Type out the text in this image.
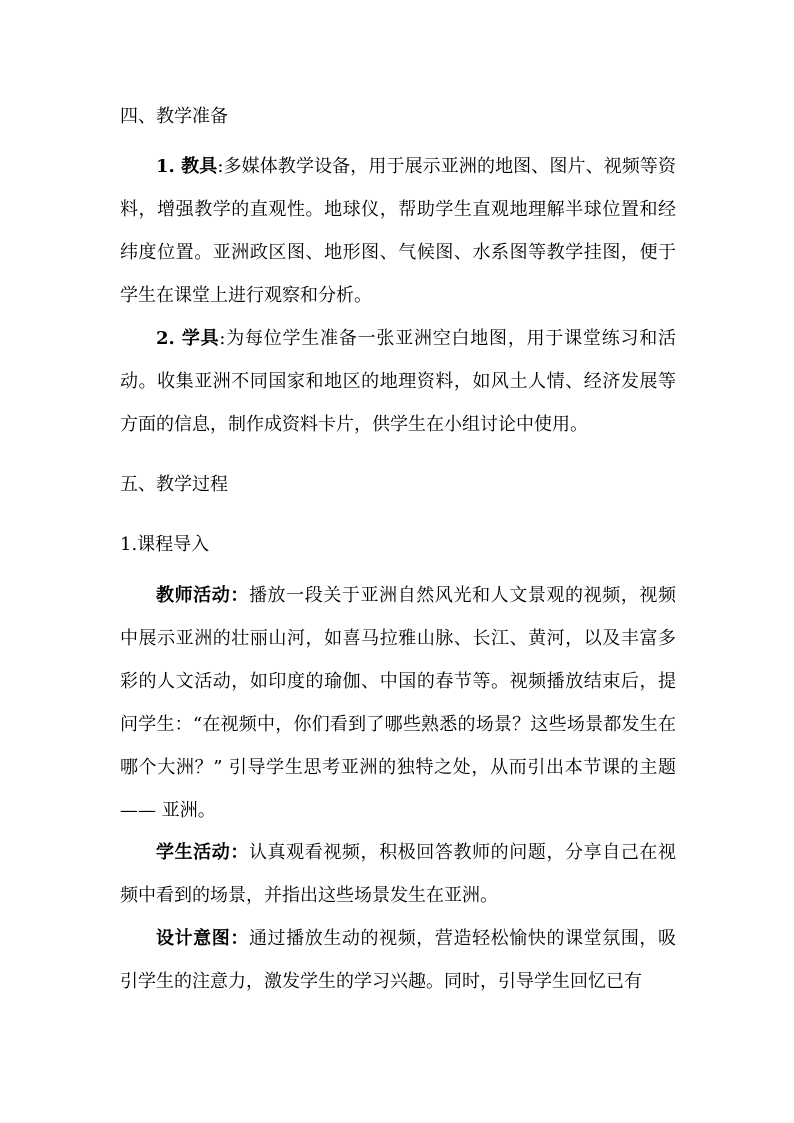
四、教学准备

1. 教具:多媒体教学设备，用于展示亚洲的地图、图片、视频等资料，增强教学的直观性。地球仪，帮助学生直观地理解半球位置和经纬度位置。亚洲政区图、地形图、气候图、水系图等教学挂图，便于学生在课堂上进行观察和分析。

2. 学具:为每位学生准备一张亚洲空白地图，用于课堂练习和活动。收集亚洲不同国家和地区的地理资料，如风土人情、经济发展等方面的信息，制作成资料卡片，供学生在小组讨论中使用。

五、教学过程
1.课程导入

教师活动：播放一段关于亚洲自然风光和人文景观的视频，视频中展示亚洲的壮丽山河，如喜马拉雅山脉、长江、黄河，以及丰富多彩的人文活动，如印度的瑜伽、中国的春节等。视频播放结束后，提问学生：“在视频中，你们看到了哪些熟悉的场景？这些场景都发生在哪个大洲？” 引导学生思考亚洲的独特之处，从而引出本节课的主题 —— 亚洲。

学生活动：认真观看视频，积极回答教师的问题，分享自己在视频中看到的场景，并指出这些场景发生在亚洲。

设计意图：通过播放生动的视频，营造轻松愉快的课堂氛围，吸引学生的注意力，激发学生的学习兴趣。同时，引导学生回忆已有
